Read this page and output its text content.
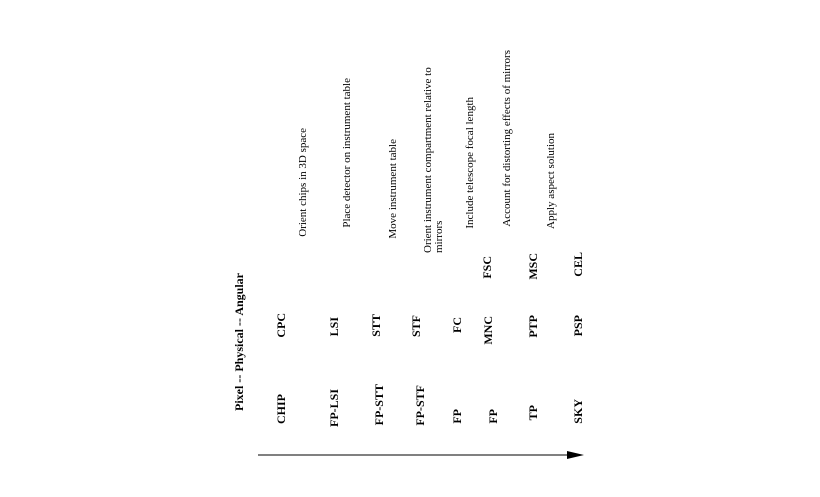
Pixel -- Physical -- Angular CHIP
CPC
Orient chips in 3D space
FP-LSI
LSI
Place detector on instrument table
FP-STT
STT
Move instrument table
FP-STF
STF
Orient instrument compartment relative to mirrors
FP
FC
Include telescope focal length
FP
MNC
FSC
Account for distorting effects of mirrors
TP
PTP
MSC
Apply aspect solution
SKY
PSP
CEL
